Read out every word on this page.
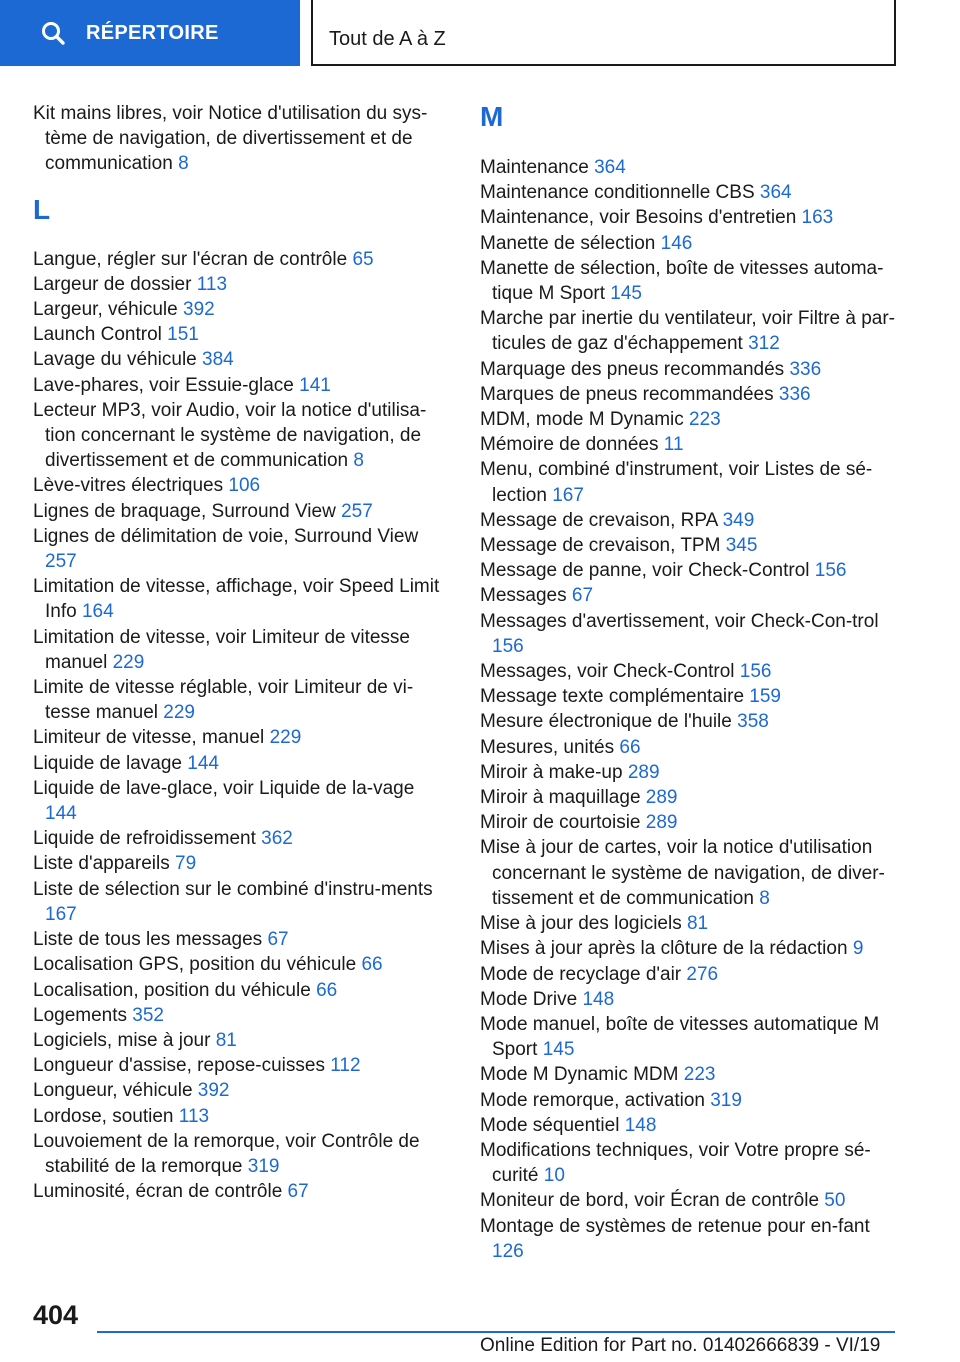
RÉPERTOIRE	Tout de A à Z
Kit mains libres, voir Notice d'utilisation du sys-tème de navigation, de divertissement et de communication 8
L
Langue, régler sur l'écran de contrôle 65
Largeur de dossier 113
Largeur, véhicule 392
Launch Control 151
Lavage du véhicule 384
Lave-phares, voir Essuie-glace 141
Lecteur MP3, voir Audio, voir la notice d'utilisa-tion concernant le système de navigation, de divertissement et de communication 8
Lève-vitres électriques 106
Lignes de braquage, Surround View 257
Lignes de délimitation de voie, Surround View 257
Limitation de vitesse, affichage, voir Speed Limit Info 164
Limitation de vitesse, voir Limiteur de vitesse manuel 229
Limite de vitesse réglable, voir Limiteur de vi-tesse manuel 229
Limiteur de vitesse, manuel 229
Liquide de lavage 144
Liquide de lave-glace, voir Liquide de la-vage 144
Liquide de refroidissement 362
Liste d'appareils 79
Liste de sélection sur le combiné d'instru-ments 167
Liste de tous les messages 67
Localisation GPS, position du véhicule 66
Localisation, position du véhicule 66
Logements 352
Logiciels, mise à jour 81
Longueur d'assise, repose-cuisses 112
Longueur, véhicule 392
Lordose, soutien 113
Louvoiement de la remorque, voir Contrôle de stabilité de la remorque 319
Luminosité, écran de contrôle 67
M
Maintenance 364
Maintenance conditionnelle CBS 364
Maintenance, voir Besoins d'entretien 163
Manette de sélection 146
Manette de sélection, boîte de vitesses automa-tique M Sport 145
Marche par inertie du ventilateur, voir Filtre à par-ticules de gaz d'échappement 312
Marquage des pneus recommandés 336
Marques de pneus recommandées 336
MDM, mode M Dynamic 223
Mémoire de données 11
Menu, combiné d'instrument, voir Listes de sé-lection 167
Message de crevaison, RPA 349
Message de crevaison, TPM 345
Message de panne, voir Check-Control 156
Messages 67
Messages d'avertissement, voir Check-Con-trol 156
Messages, voir Check-Control 156
Message texte complémentaire 159
Mesure électronique de l'huile 358
Mesures, unités 66
Miroir à make-up 289
Miroir à maquillage 289
Miroir de courtoisie 289
Mise à jour de cartes, voir la notice d'utilisation concernant le système de navigation, de diver-tissement et de communication 8
Mise à jour des logiciels 81
Mises à jour après la clôture de la rédaction 9
Mode de recyclage d'air 276
Mode Drive 148
Mode manuel, boîte de vitesses automatique M Sport 145
Mode M Dynamic MDM 223
Mode remorque, activation 319
Mode séquentiel 148
Modifications techniques, voir Votre propre sé-curité 10
Moniteur de bord, voir Écran de contrôle 50
Montage de systèmes de retenue pour en-fant 126
404
Online Edition for Part no. 01402666839 - VI/19
